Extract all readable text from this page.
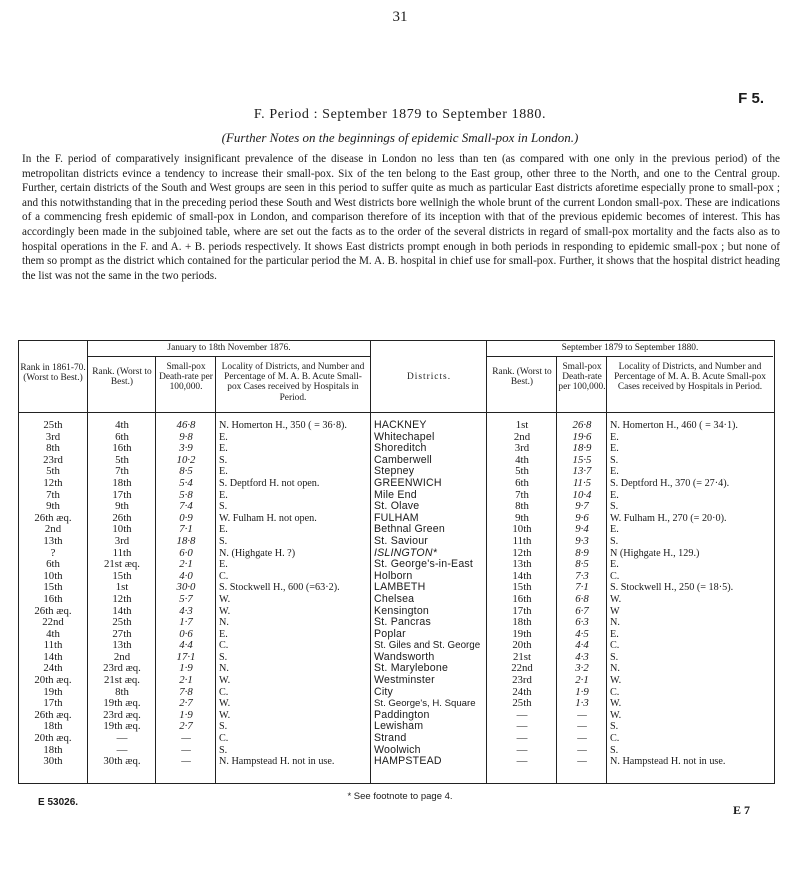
31
F 5.
F. Period : September 1879 to September 1880.
(Further Notes on the beginnings of epidemic Small-pox in London.)
In the F. period of comparatively insignificant prevalence of the disease in London no less than ten (as compared with one only in the previous period) of the metropolitan districts evince a tendency to increase their small-pox. Six of the ten belong to the East group, other three to the North, and one to the Central group. Further, certain districts of the South and West groups are seen in this period to suffer quite as much as particular East districts aforetime especially prone to small-pox ; and this notwithstanding that in the preceding period these South and West districts bore wellnigh the whole brunt of the current London small-pox. These are indications of a commencing fresh epidemic of small-pox in London, and comparison therefore of its inception with that of the previous epidemic becomes of interest. This has accordingly been made in the subjoined table, where are set out the facts as to the order of the several districts in regard of small-pox mortality and the facts also as to hospital operations in the F. and A. + B. periods respectively. It shows East districts prompt enough in both periods in responding to epidemic small-pox ; but none of them so prompt as the district which contained for the particular period the M. A. B. hospital in chief use for small-pox. Further, it shows that the hospital district heading the list was not the same in the two periods.
Rank in 1861-70. (Worst to Best.)
January to 18th November 1876.
Rank. (Worst to Best.)
Small-pox Death-rate per 100,000.
Locality of Districts, and Number and Percentage of M. A. B. Acute Small-pox Cases received by Hospitals in Period.
Districts.
September 1879 to September 1880.
Rank. (Worst to Best.)
Small-pox Death-rate per 100,000.
Locality of Districts, and Number and Percentage of M. A. B. Acute Small-pox Cases received by Hospitals in Period.
25th
3rd
8th
23rd
5th
12th
7th
9th
26th æq.
2nd
13th
?
6th
10th
15th
16th
26th æq.
22nd
4th
11th
14th
24th
20th æq.
19th
17th
26th æq.
18th
20th æq.
18th
30th
4th
6th
16th
5th
7th
18th
17th
9th
26th
10th
3rd
11th
21st æq.
15th
1st
12th
14th
25th
27th
13th
2nd
23rd æq.
21st æq.
8th
19th æq.
23rd æq.
19th æq.
—
—
30th æq.
46·8
9·8
3·9
10·2
8·5
5·4
5·8
7·4
0·9
7·1
18·8
6·0
2·1
4·0
30·0
5·7
4·3
1·7
0·6
4·4
17·1
1·9
2·1
7·8
2·7
1·9
2·7
—
—
—
N. Homerton H., 350 ( = 36·8).
E.
E.
S.
E.
S. Deptford H. not open.
E.
S.
W. Fulham H. not open.
E.
S.
N. (Highgate H. ?)
E.
C.
S. Stockwell H., 600 (=63·2).
W.
W.
N.
E.
C.
S.
N.
W.
C.
W.
W.
S.
C.
S.
N. Hampstead H. not in use.
HACKNEY
Whitechapel
Shoreditch
Camberwell
Stepney
GREENWICH
Mile End
St. Olave
FULHAM
Bethnal Green
St. Saviour
ISLINGTON*
St. George's-in-East
Holborn
LAMBETH
Chelsea
Kensington
St. Pancras
Poplar
St. Giles and St. George
Wandsworth
St. Marylebone
Westminster
City
St. George's, H. Square
Paddington
Lewisham
Strand
Woolwich
HAMPSTEAD
1st
2nd
3rd
4th
5th
6th
7th
8th
9th
10th
11th
12th
13th
14th
15th
16th
17th
18th
19th
20th
21st
22nd
23rd
24th
25th
—
—
—
—
—
26·8
19·6
18·9
15·5
13·7
11·5
10·4
9·7
9·6
9·4
9·3
8·9
8·5
7·3
7·1
6·8
6·7
6·3
4·5
4·4
4·3
3·2
2·1
1·9
1·3
—
—
—
—
—
N. Homerton H., 460 ( = 34·1).
E.
E.
S.
E.
S. Deptford H., 370 (= 27·4).
E.
S.
W. Fulham H., 270 (= 20·0).
E.
S.
N (Highgate H., 129.)
E.
C.
S. Stockwell H., 250 (= 18·5).
W.
W
N.
E.
C.
S.
N.
W.
C.
W.
W.
S.
C.
S.
N. Hampstead H. not in use.
* See footnote to page 4.
E 53026.
E 7
